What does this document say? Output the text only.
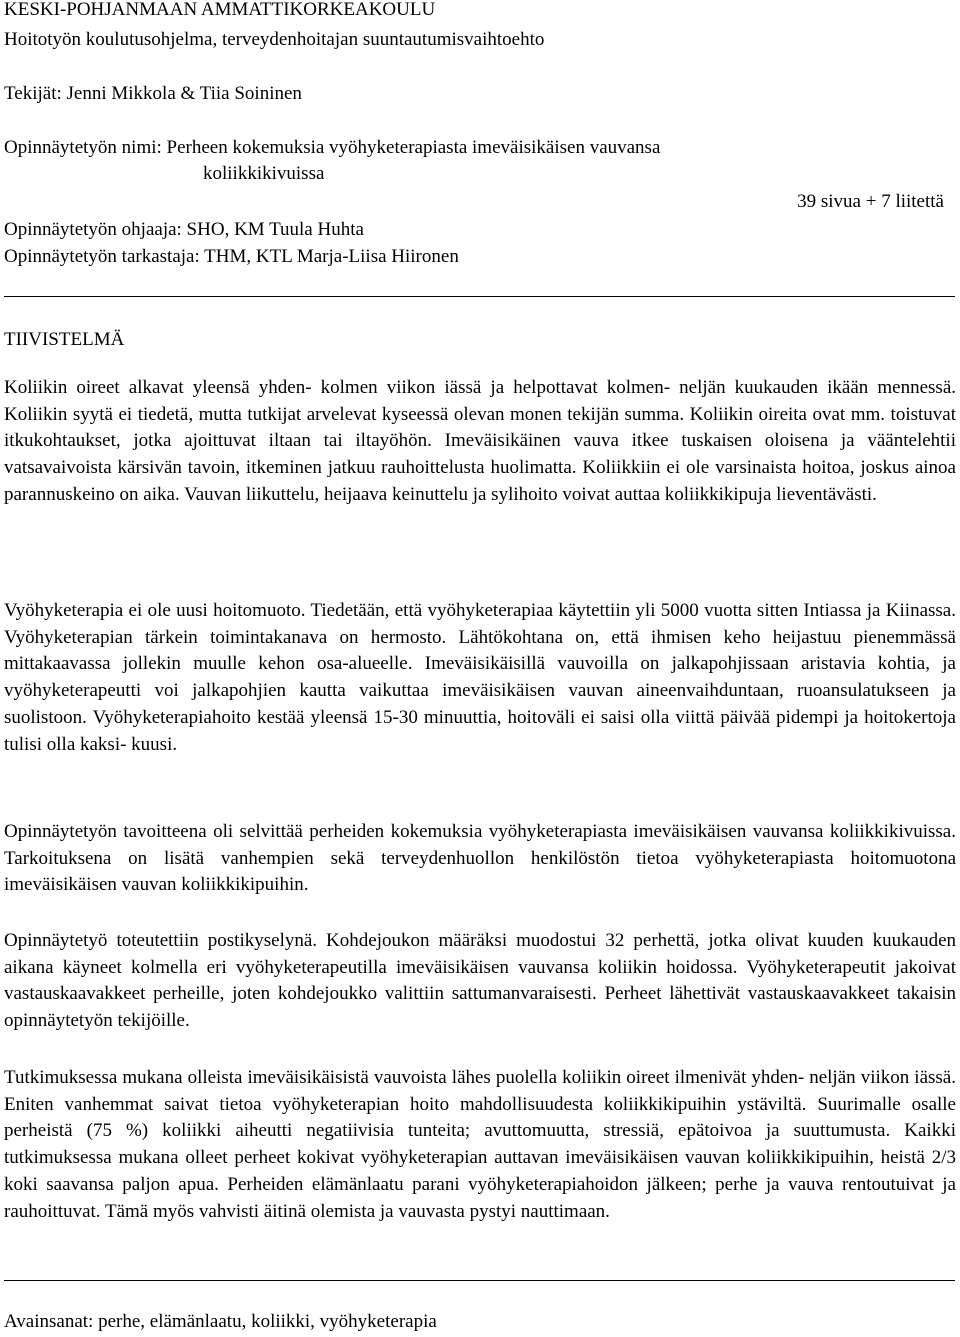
KESKI-POHJANMAAN AMMATTIKORKEAKOULU
Hoitotyön koulutusohjelma, terveydenhoitajan suuntautumisvaihtoehto
Tekijät: Jenni Mikkola & Tiia Soininen
Opinnäytetyön nimi: Perheen kokemuksia vyöhyketerapiasta imeväisikäisen vauvansa
koliikkikivuissa
39 sivua + 7 liitettä
Opinnäytetyön ohjaaja: SHO, KM Tuula Huhta
Opinnäytetyön tarkastaja: THM, KTL Marja-Liisa Hiironen
TIIVISTELMÄ

Koliikin oireet alkavat yleensä yhden- kolmen viikon iässä ja helpottavat kolmen- neljän kuukauden ikään mennessä. Koliikin syytä ei tiedetä, mutta tutkijat arvelevat kyseessä olevan monen tekijän summa. Koliikin oireita ovat mm. toistuvat itkukohtaukset, jotka ajoittuvat iltaan tai iltayöhön. Imeväisikäinen vauva itkee tuskaisen oloisena ja vääntelehtii vatsavaivoista kärsivän tavoin, itkeminen jatkuu rauhoittelusta huolimatta. Koliikkiin ei ole varsinaista hoitoa, joskus ainoa parannuskeino on aika. Vauvan liikuttelu, heijaava keinuttelu ja sylihoito voivat auttaa koliikkikipuja lieventävästi.

Vyöhyketerapia ei ole uusi hoitomuoto. Tiedetään, että vyöhyketerapiaa käytettiin yli 5000 vuotta sitten Intiassa ja Kiinassa. Vyöhyketerapian tärkein toimintakanava on hermosto. Lähtökohtana on, että ihmisen keho heijastuu pienemmässä mittakaavassa jollekin muulle kehon osa-alueelle. Imeväisikäisillä vauvoilla on jalkapohjissaan aristavia kohtia, ja vyöhyketerapeutti voi jalkapohjien kautta vaikuttaa imeväisikäisen vauvan aineenvaihduntaan, ruoansulatukseen ja suolistoon. Vyöhyketerapiahoito kestää yleensä 15-30 minuuttia, hoitoväli ei saisi olla viittä päivää pidempi ja hoitokertoja tulisi olla kaksi- kuusi.

Opinnäytetyön tavoitteena oli selvittää perheiden kokemuksia vyöhyketerapiasta imeväisikäisen vauvansa koliikkikivuissa. Tarkoituksena on lisätä vanhempien sekä terveydenhuollon henkilöstön tietoa vyöhyketerapiasta hoitomuotona imeväisikäisen vauvan koliikkikipuihin.

Opinnäytetyö toteutettiin postikyselynä. Kohdejoukon määräksi muodostui 32 perhettä, jotka olivat kuuden kuukauden aikana käyneet kolmella eri vyöhyketerapeutilla imeväisikäisen vauvansa koliikin hoidossa. Vyöhyketerapeutit jakoivat vastauskaavakkeet perheille, joten kohdejoukko valittiin sattumanvaraisesti. Perheet lähettivät vastauskaavakkeet takaisin opinnäytetyön tekijöille.

Tutkimuksessa mukana olleista imeväisikäisistä vauvoista lähes puolella koliikin oireet ilmenivät yhden- neljän viikon iässä. Eniten vanhemmat saivat tietoa vyöhyketerapian hoito mahdollisuudesta koliikkikipuihin ystäviltä. Suurimalle osalle perheistä (75 %) koliikki aiheutti negatiivisia tunteita; avuttomuutta, stressiä, epätoivoa ja suuttumusta. Kaikki tutkimuksessa mukana olleet perheet kokivat vyöhyketerapian auttavan imeväisikäisen vauvan koliikkikipuihin, heistä 2/3 koki saavansa paljon apua. Perheiden elämänlaatu parani vyöhyketerapiahoidon jälkeen; perhe ja vauva rentoutuivat ja rauhoittuvat. Tämä myös vahvisti äitinä olemista ja vauvasta pystyi nauttimaan.

Avainsanat: perhe, elämänlaatu, koliikki, vyöhyketerapia
